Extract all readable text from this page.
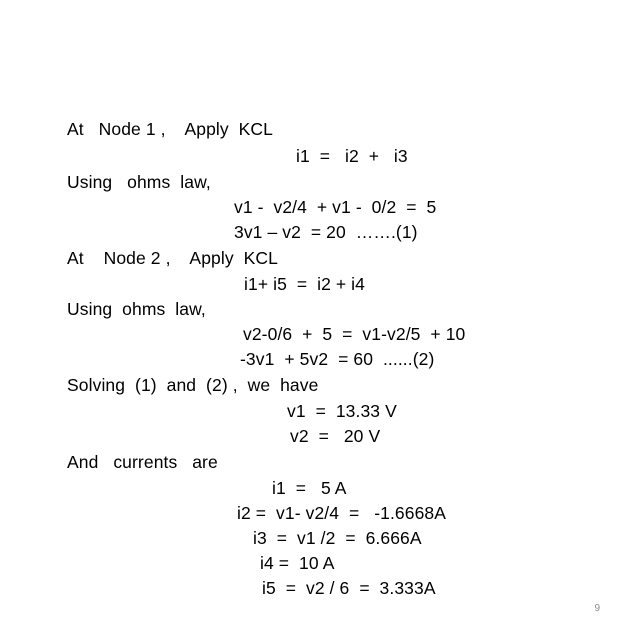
At   Node 1 ,    Apply  KCL
i1  =   i2  +   i3
Using   ohms  law,
v1 -  v2/4  + v1 -  0/2  =  5
3v1 – v2  = 20  …….(1)
At    Node 2 ,    Apply  KCL
i1+ i5  =  i2 + i4
Using  ohms  law,
v2-0/6  +  5  =  v1-v2/5  + 10
-3v1  + 5v2  = 60  ......(2)
Solving  (1)  and  (2) ,  we  have
v1  =  13.33 V
v2  =   20 V
And   currents   are
i1  =   5 A
i2 =  v1- v2/4  =   -1.6668A
i3  =  v1 /2  =  6.666A
i4 =  10 A
i5  =  v2 / 6  =  3.333A
9
